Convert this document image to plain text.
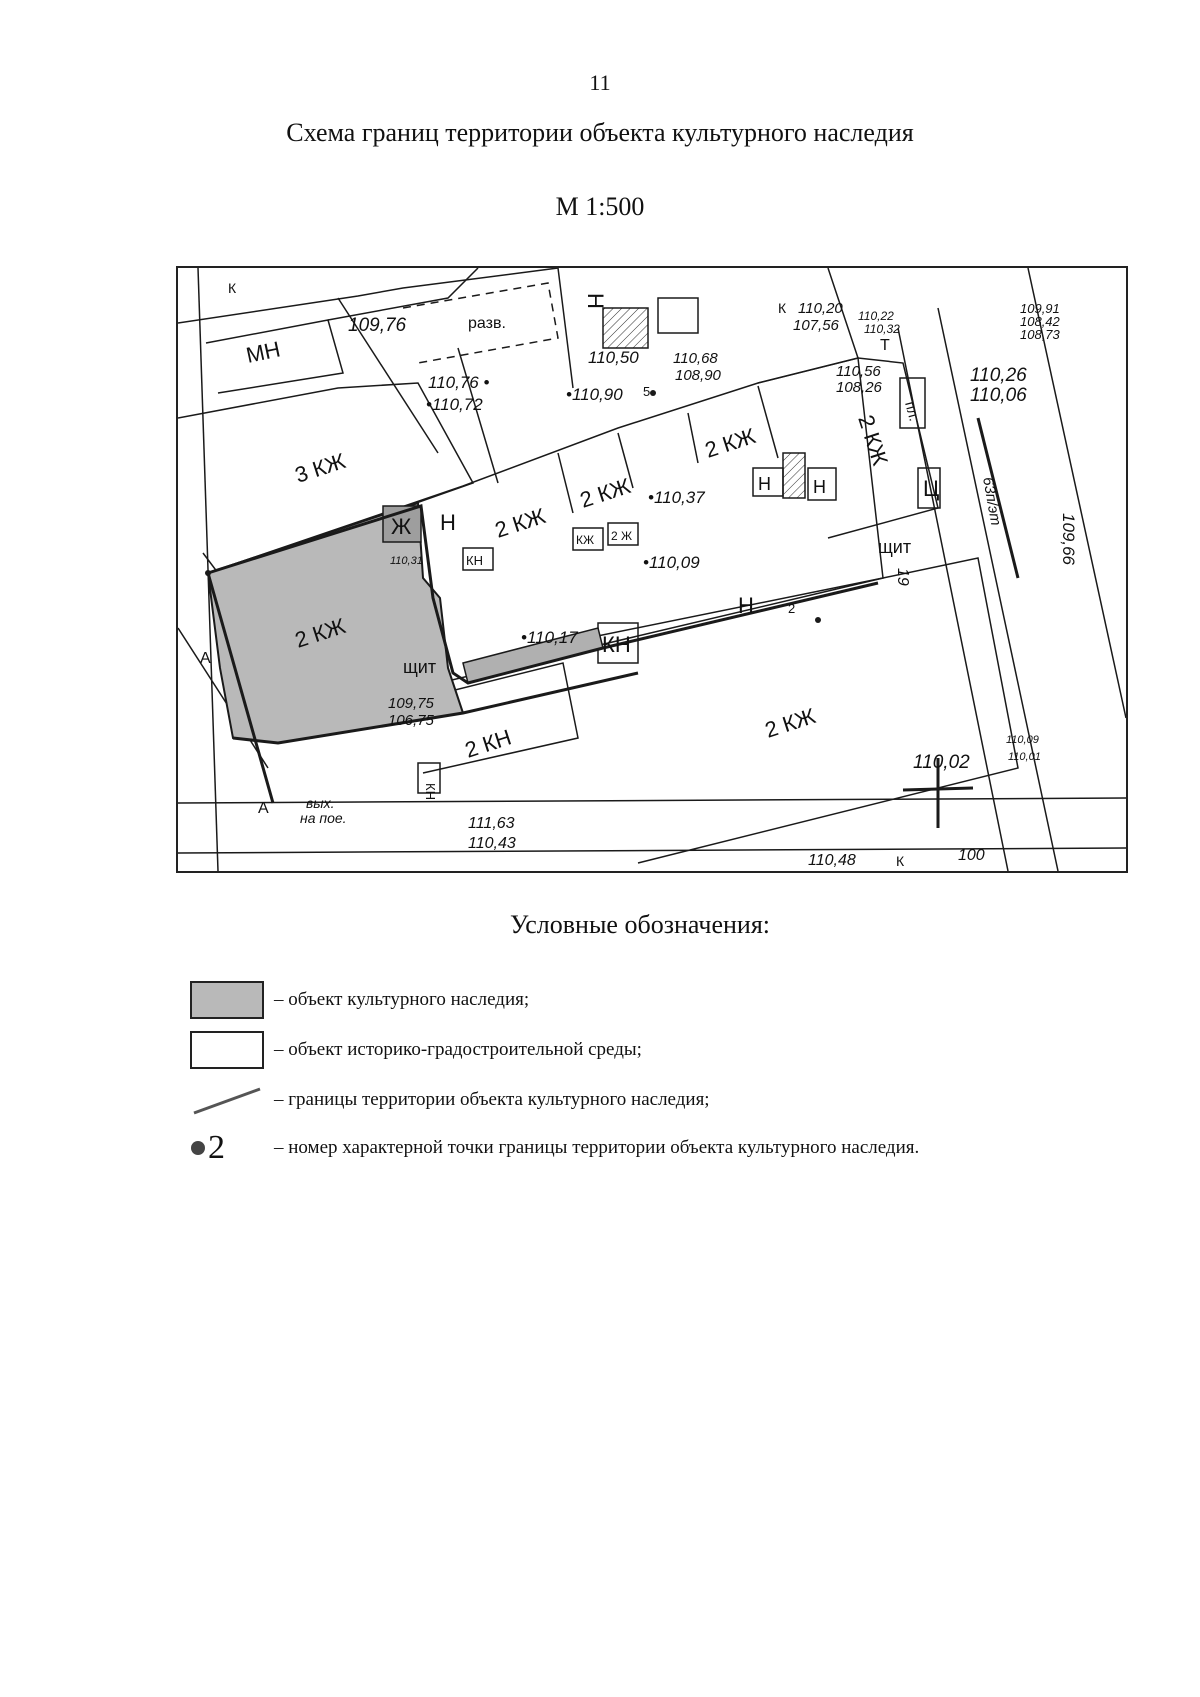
11
Схема границ территории объекта культурного наследия
М 1:500
МН
разв.
3 КЖ
2 КЖ
2 КЖ
2 КЖ	2 КЖ
2 КЖ
2 КЖ
2 КН
Ж Н
Н Н
Н
Н
КН
КН
КН
КЖ 2 Ж
щит
щит
пл.
Ц
А
А
К
К
К
Т
вых.
на пое.
109,76
110,76 •
•110,72
110,50
•110,90
110,68
108,90
110,20
107,56
110,22
110,32
109,91
108,42
108,73
110,56
108,26
110,26
110,06
•110,37
•110,09
•110,17
109,75
106,75
110,02
111,63
110,43
110,48
110,09
110,01
100
109,66
63п/эт
19
110,31
2
5
Условные обозначения:
– объект культурного наследия;
– объект историко-градостроительной среды;
– границы территории объекта культурного наследия;
2	– номер характерной точки границы территории объекта культурного наследия.
